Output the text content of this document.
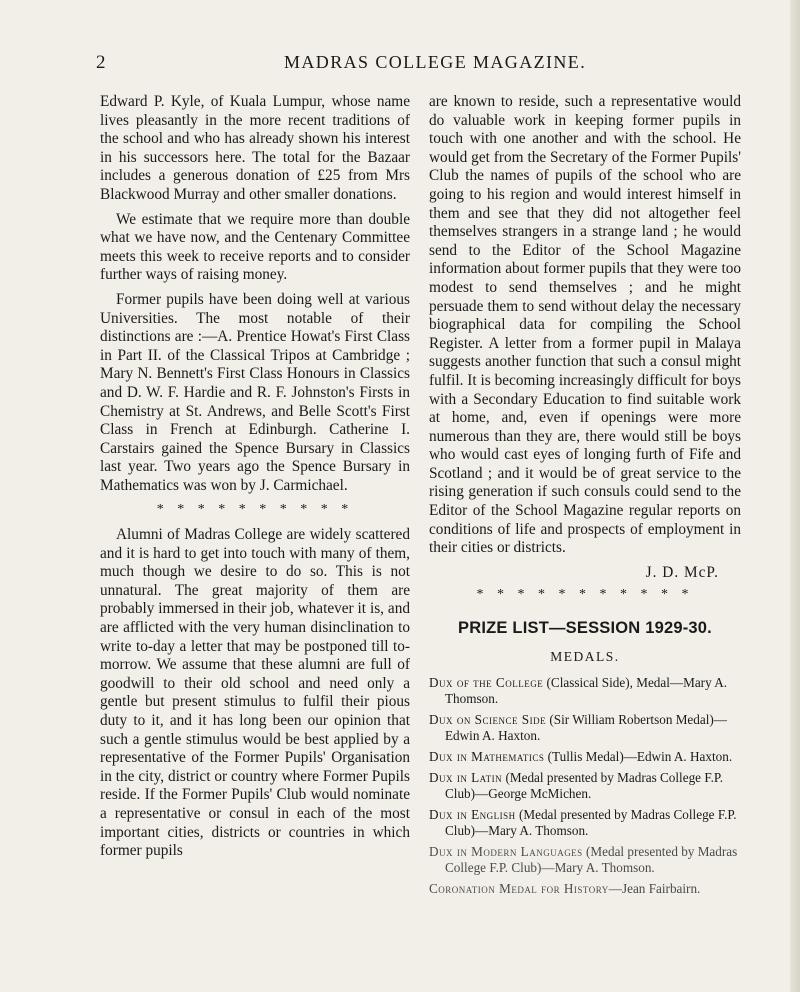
2	MADRAS COLLEGE MAGAZINE.

Edward P. Kyle, of Kuala Lumpur, whose name lives pleasantly in the more recent traditions of the school and who has already shown his interest in his successors here. The total for the Bazaar includes a generous donation of £25 from Mrs Blackwood Murray and other smaller donations.

We estimate that we require more than double what we have now, and the Centenary Committee meets this week to receive reports and to consider further ways of raising money.

Former pupils have been doing well at various Universities. The most notable of their distinctions are :—A. Prentice Howat's First Class in Part II. of the Classical Tripos at Cambridge ; Mary N. Bennett's First Class Honours in Classics and D. W. F. Hardie and R. F. Johnston's Firsts in Chemistry at St. Andrews, and Belle Scott's First Class in French at Edinburgh. Catherine I. Carstairs gained the Spence Bursary in Classics last year. Two years ago the Spence Bursary in Mathematics was won by J. Carmichael.

* * * * * * * * * *

Alumni of Madras College are widely scattered and it is hard to get into touch with many of them, much though we desire to do so. This is not unnatural. The great majority of them are probably immersed in their job, whatever it is, and are afflicted with the very human disinclination to write to-day a letter that may be postponed till to-morrow. We assume that these alumni are full of goodwill to their old school and need only a gentle but present stimulus to fulfil their pious duty to it, and it has long been our opinion that such a gentle stimulus would be best applied by a representative of the Former Pupils' Organisation in the city, district or country where Former Pupils reside. If the Former Pupils' Club would nominate a representative or consul in each of the most important cities, districts or countries in which former pupils

are known to reside, such a representative would do valuable work in keeping former pupils in touch with one another and with the school. He would get from the Secretary of the Former Pupils' Club the names of pupils of the school who are going to his region and would interest himself in them and see that they did not altogether feel themselves strangers in a strange land ; he would send to the Editor of the School Magazine information about former pupils that they were too modest to send themselves ; and he might persuade them to send without delay the necessary biographical data for compiling the School Register. A letter from a former pupil in Malaya suggests another function that such a consul might fulfil. It is becoming increasingly difficult for boys with a Secondary Education to find suitable work at home, and, even if openings were more numerous than they are, there would still be boys who would cast eyes of longing furth of Fife and Scotland ; and it would be of great service to the rising generation if such consuls could send to the Editor of the School Magazine regular reports on conditions of life and prospects of employment in their cities or districts.

J. D. McP.
* * * * * * * * * * *
PRIZE LIST—SESSION 1929-30.
MEDALS.
Dux of the College (Classical Side), Medal—Mary A. Thomson.
Dux on Science Side (Sir William Robertson Medal)—Edwin A. Haxton.
Dux in Mathematics (Tullis Medal)—Edwin A. Haxton.
Dux in Latin (Medal presented by Madras College F.P. Club)—George McMichen.
Dux in English (Medal presented by Madras College F.P. Club)—Mary A. Thomson.
Dux in Modern Languages (Medal presented by Madras College F.P. Club)—Mary A. Thomson.
Coronation Medal for History—Jean Fairbairn.
